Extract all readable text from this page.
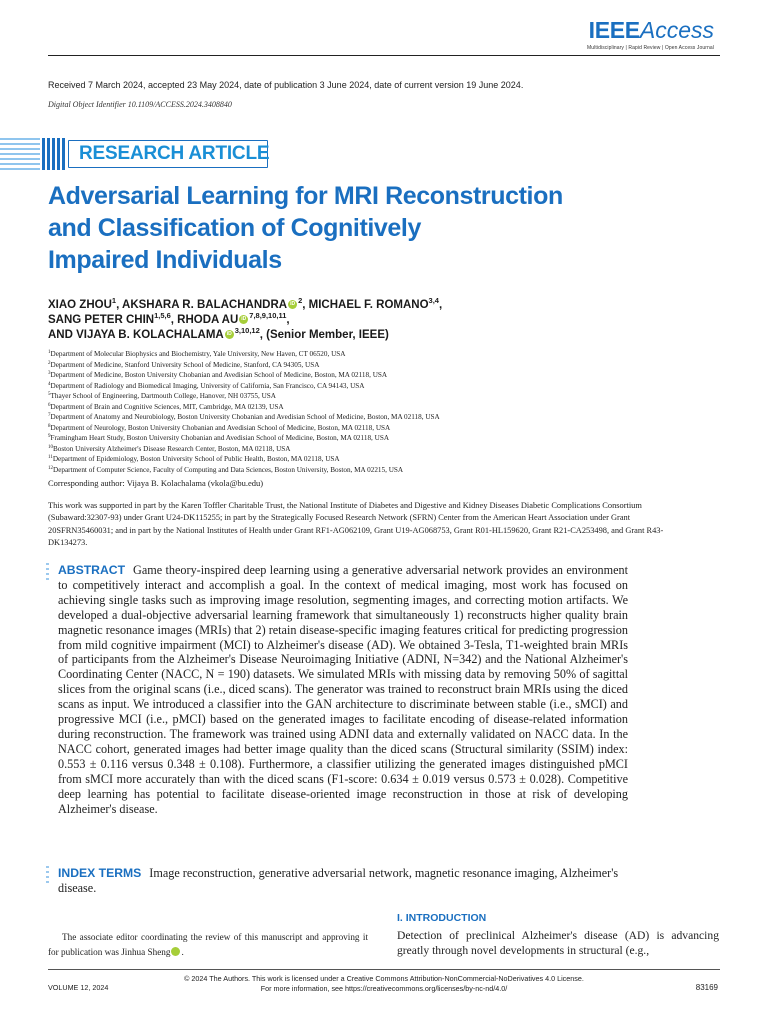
IEEEAccess
Multidisciplinary | Rapid Review | Open Access Journal
Received 7 March 2024, accepted 23 May 2024, date of publication 3 June 2024, date of current version 19 June 2024.
Digital Object Identifier 10.1109/ACCESS.2024.3408840
RESEARCH ARTICLE
Adversarial Learning for MRI Reconstruction
and Classification of Cognitively
Impaired Individuals
XIAO ZHOU$^1$, AKSHARA R. BALACHANDRA iD $^2$, MICHAEL F. ROMANO$^{3,4}$,
SANG PETER CHIN$^{1,5,6}$, RHODA AU iD $^{7,8,9,10,11}$,
AND VIJAYA B. KOLACHALAMA iD $^{3,10,12}$, (Senior Member, IEEE)
$^1$Department of Molecular Biophysics and Biochemistry, Yale University, New Haven, CT 06520, USA
$^2$Department of Medicine, Stanford University School of Medicine, Stanford, CA 94305, USA
$^3$Department of Medicine, Boston University Chobanian and Avedisian School of Medicine, Boston, MA 02118, USA
$^4$Department of Radiology and Biomedical Imaging, University of California, San Francisco, CA 94143, USA
$^5$Thayer School of Engineering, Dartmouth College, Hanover, NH 03755, USA
$^6$Department of Brain and Cognitive Sciences, MIT, Cambridge, MA 02139, USA
$^7$Department of Anatomy and Neurobiology, Boston University Chobanian and Avedisian School of Medicine, Boston, MA 02118, USA
$^8$Department of Neurology, Boston University Chobanian and Avedisian School of Medicine, Boston, MA 02118, USA
$^9$Framingham Heart Study, Boston University Chobanian and Avedisian School of Medicine, Boston, MA 02118, USA
$^{10}$Boston University Alzheimer's Disease Research Center, Boston, MA 02118, USA
$^{11}$Department of Epidemiology, Boston University School of Public Health, Boston, MA 02118, USA
$^{12}$Department of Computer Science, Faculty of Computing and Data Sciences, Boston University, Boston, MA 02215, USA
Corresponding author: Vijaya B. Kolachalama (vkola@bu.edu)
This work was supported in part by the Karen Toffler Charitable Trust, the National Institute of Diabetes and Digestive and Kidney Diseases Diabetic Complications Consortium (Subaward:32307-93) under Grant U24-DK115255; in part by the Strategically Focused Research Network (SFRN) Center from the American Heart Association under Grant 20SFRN35460031; and in part by the National Institutes of Health under Grant RF1-AG062109, Grant U19-AG068753, Grant R01-HL159620, Grant R21-CA253498, and Grant R43-DK134273.
ABSTRACT Game theory-inspired deep learning using a generative adversarial network provides an environment to competitively interact and accomplish a goal. In the context of medical imaging, most work has focused on achieving single tasks such as improving image resolution, segmenting images, and correcting motion artifacts. We developed a dual-objective adversarial learning framework that simultaneously 1) reconstructs higher quality brain magnetic resonance images (MRIs) that 2) retain disease-specific imaging features critical for predicting progression from mild cognitive impairment (MCI) to Alzheimer's disease (AD). We obtained 3-Tesla, T1-weighted brain MRIs of participants from the Alzheimer's Disease Neuroimaging Initiative (ADNI, N=342) and the National Alzheimer's Coordinating Center (NACC, N = 190) datasets. We simulated MRIs with missing data by removing 50% of sagittal slices from the original scans (i.e., diced scans). The generator was trained to reconstruct brain MRIs using the diced scans as input. We introduced a classifier into the GAN architecture to discriminate between stable (i.e., sMCI) and progressive MCI (i.e., pMCI) based on the generated images to facilitate encoding of disease-related information during reconstruction. The framework was trained using ADNI data and externally validated on NACC data. In the NACC cohort, generated images had better image quality than the diced scans (Structural similarity (SSIM) index: 0.553 ± 0.116 versus 0.348 ± 0.108). Furthermore, a classifier utilizing the generated images distinguished pMCI from sMCI more accurately than with the diced scans (F1-score: 0.634 ± 0.019 versus 0.573 ± 0.028). Competitive deep learning has potential to facilitate disease-oriented image reconstruction in those at risk of developing Alzheimer's disease.
INDEX TERMS Image reconstruction, generative adversarial network, magnetic resonance imaging, Alzheimer's disease.
The associate editor coordinating the review of this manuscript and approving it for publication was Jinhua Sheng	iD.
I. INTRODUCTION
Detection of preclinical Alzheimer's disease (AD) is advancing greatly through novel developments in structural (e.g.,
© 2024 The Authors. This work is licensed under a Creative Commons Attribution-NonCommercial-NoDerivatives 4.0 License.
For more information, see https://creativecommons.org/licenses/by-nc-nd/4.0/
VOLUME 12, 2024	83169
